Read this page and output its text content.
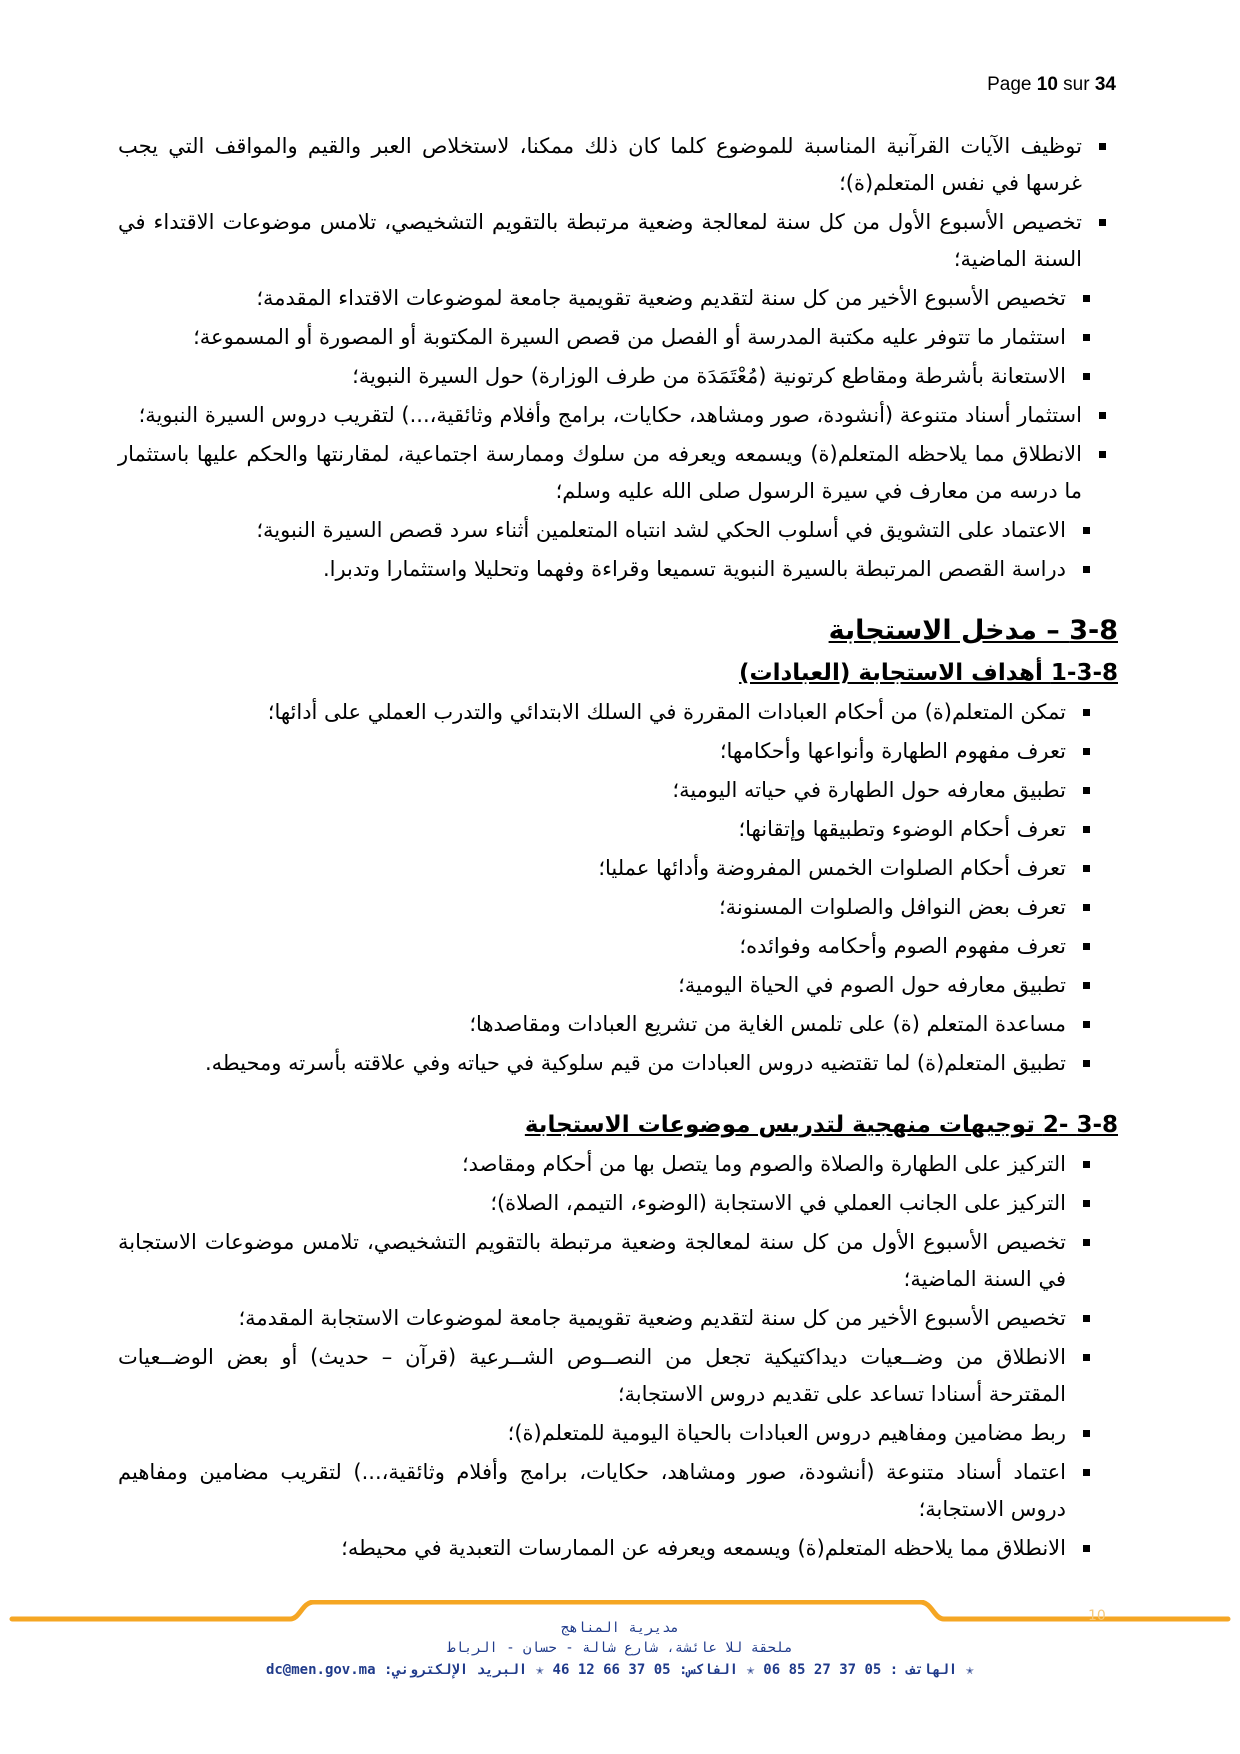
Page 10 sur 34
توظيف الآيات القرآنية المناسبة للموضوع كلما كان ذلك ممكنا، لاستخلاص العبر والقيم والمواقف التي يجب غرسها في نفس المتعلم(ة)؛
تخصيص الأسبوع الأول من كل سنة لمعالجة وضعية مرتبطة بالتقويم التشخيصي، تلامس موضوعات الاقتداء في السنة الماضية؛
تخصيص الأسبوع الأخير من كل سنة لتقديم وضعية تقويمية جامعة لموضوعات الاقتداء المقدمة؛
استثمار ما تتوفر عليه مكتبة المدرسة أو الفصل من قصص السيرة المكتوبة أو المصورة أو المسموعة؛
الاستعانة بأشرطة ومقاطع كرتونية (مُعْتَمَدَة من طرف الوزارة) حول السيرة النبوية؛
استثمار أسناد متنوعة (أنشودة، صور ومشاهد، حكايات، برامج وأفلام وثائقية،...) لتقريب دروس السيرة النبوية؛
الانطلاق مما يلاحظه المتعلم(ة) ويسمعه ويعرفه من سلوك وممارسة اجتماعية، لمقارنتها والحكم عليها باستثمار ما درسه من معارف في سيرة الرسول صلى الله عليه وسلم؛
الاعتماد على التشويق في أسلوب الحكي لشد انتباه المتعلمين أثناء سرد قصص السيرة النبوية؛
دراسة القصص المرتبطة بالسيرة النبوية تسميعا وقراءة وفهما وتحليلا واستثمارا وتدبرا.
3-8 – مدخل الاستجابة
1-3-8 أهداف الاستجابة (العبادات)
تمكن المتعلم(ة) من أحكام العبادات المقررة في السلك الابتدائي والتدرب العملي على أدائها؛
تعرف مفهوم الطهارة وأنواعها وأحكامها؛
تطبيق معارفه حول الطهارة في حياته اليومية؛
تعرف أحكام الوضوء وتطبيقها وإتقانها؛
تعرف أحكام الصلوات الخمس المفروضة وأدائها عمليا؛
تعرف بعض النوافل والصلوات المسنونة؛
تعرف مفهوم الصوم وأحكامه وفوائده؛
تطبيق معارفه حول الصوم في الحياة اليومية؛
مساعدة المتعلم (ة) على تلمس الغاية من تشريع العبادات ومقاصدها؛
تطبيق المتعلم(ة) لما تقتضيه دروس العبادات من قيم سلوكية في حياته وفي علاقته بأسرته ومحيطه.
3-8 -2 توجيهات منهجية لتدريس موضوعات الاستجابة
التركيز على الطهارة والصلاة والصوم وما يتصل بها من أحكام ومقاصد؛
التركيز على الجانب العملي في الاستجابة (الوضوء، التيمم، الصلاة)؛
تخصيص الأسبوع الأول من كل سنة لمعالجة وضعية مرتبطة بالتقويم التشخيصي، تلامس موضوعات الاستجابة في السنة الماضية؛
تخصيص الأسبوع الأخير من كل سنة لتقديم وضعية تقويمية جامعة لموضوعات الاستجابة المقدمة؛
الانطلاق من وضــعيات ديداكتيكية تجعل من النصــوص الشــرعية (قرآن – حديث) أو بعض الوضــعيات المقترحة أسنادا تساعد على تقديم دروس الاستجابة؛
ربط مضامين ومفاهيم دروس العبادات بالحياة اليومية للمتعلم(ة)؛
اعتماد أسناد متنوعة (أنشودة، صور ومشاهد، حكايات، برامج وأفلام وثائقية،...) لتقريب مضامين ومفاهيم دروس الاستجابة؛
الانطلاق مما يلاحظه المتعلم(ة) ويسمعه ويعرفه عن الممارسات التعبدية في محيطه؛
10
مديرية المناهج
ملحقة للا عائشة، شارع شالة - حسان - الرباط
✭ الهاتف : 05 37 27 85 06 ✭ الفاكس: 05 37 66 12 46 ✭ البريد الإلكتروني: dc@men.gov.ma
